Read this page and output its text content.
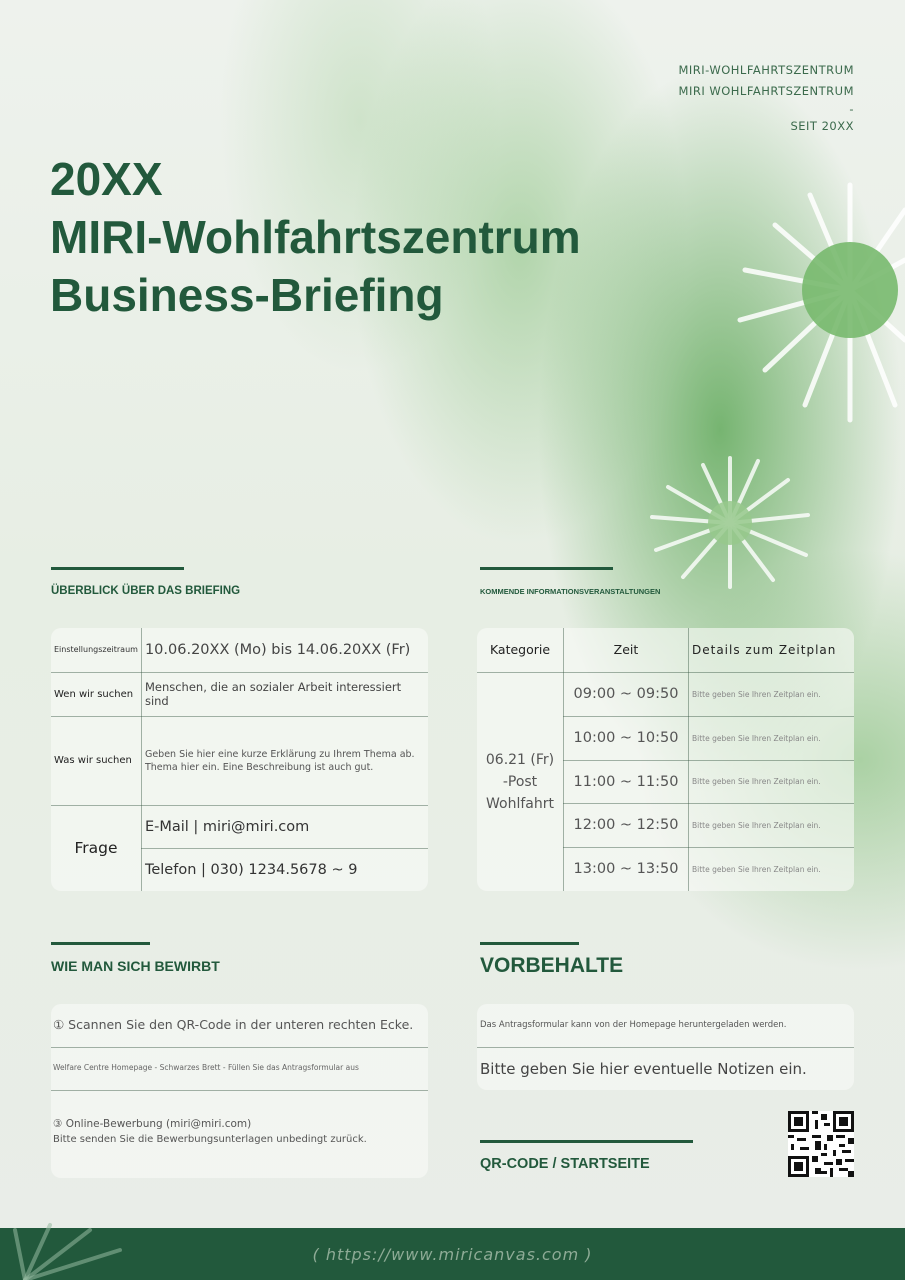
MIRI-WOHLFAHRTSZENTRUM
MIRI WOHLFAHRTSZENTRUM
-
SEIT 20XX
20XX
MIRI-Wohlfahrtszentrum
Business-Briefing
ÜBERBLICK ÜBER DAS BRIEFING
Einstellungszeitraum	10.06.20XX (Mo) bis 14.06.20XX (Fr)
Wen wir suchen	Menschen, die an sozialer Arbeit interessiert sind
Was wir suchen	Geben Sie hier eine kurze Erklärung zu Ihrem Thema ab. Thema hier ein. Eine Beschreibung ist auch gut.
Frage	E-Mail | miri@miri.com
	Telefon | 030) 1234.5678 ~ 9
KOMMENDE INFORMATIONSVERANSTALTUNGEN
Kategorie	Zeit	Details zum Zeitplan
06.21 (Fr) -Post Wohlfahrt	09:00 ~ 09:50	Bitte geben Sie Ihren Zeitplan ein.
	10:00 ~ 10:50	Bitte geben Sie Ihren Zeitplan ein.
	11:00 ~ 11:50	Bitte geben Sie Ihren Zeitplan ein.
	12:00 ~ 12:50	Bitte geben Sie Ihren Zeitplan ein.
	13:00 ~ 13:50	Bitte geben Sie Ihren Zeitplan ein.
WIE MAN SICH BEWIRBT
① Scannen Sie den QR-Code in der unteren rechten Ecke.
Welfare Centre Homepage - Schwarzes Brett - Füllen Sie das Antragsformular aus
③ Online-Bewerbung (miri@miri.com)
Bitte senden Sie die Bewerbungsunterlagen unbedingt zurück.
VORBEHALTE
Das Antragsformular kann von der Homepage heruntergeladen werden.
Bitte geben Sie hier eventuelle Notizen ein.
QR-CODE / STARTSEITE
( https://www.miricanvas.com )
